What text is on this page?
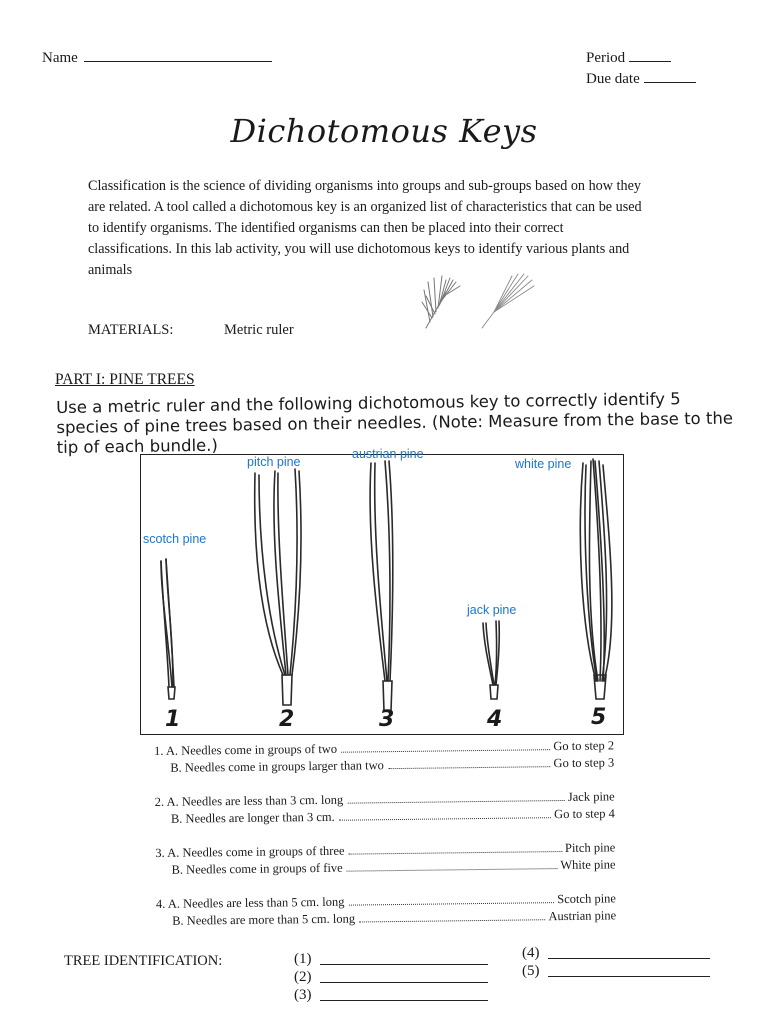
Name	Period
Due date
Dichotomous Keys
Classification is the science of dividing organisms into groups and sub-groups based on how they are related. A tool called a dichotomous key is an organized list of characteristics that can be used to identify organisms. The identified organisms can then be placed into their correct classifications. In this lab activity, you will use dichotomous keys to identify various plants and animals
MATERIALS:	Metric ruler
PART I: PINE TREES
Use a metric ruler and the following dichotomous key to correctly identify 5 species of pine trees based on their needles. (Note: Measure from the base to the tip of each bundle.)
scotch pine
pitch pine
austrian pine
jack pine
white pine
1	2	3	4	5
1. A. Needles come in groups of two	Go to step 2
B. Needles come in groups larger than two	Go to step 3
2. A. Needles are less than 3 cm. long	Jack pine
B. Needles are longer than 3 cm.	Go to step 4
3. A. Needles come in groups of three	Pitch pine
B. Needles come in groups of five	White pine
4. A. Needles are less than 5 cm. long	Scotch pine
B. Needles are more than 5 cm. long	Austrian pine
TREE IDENTIFICATION:	(1)
(2)
(3)
(4)
(5)
